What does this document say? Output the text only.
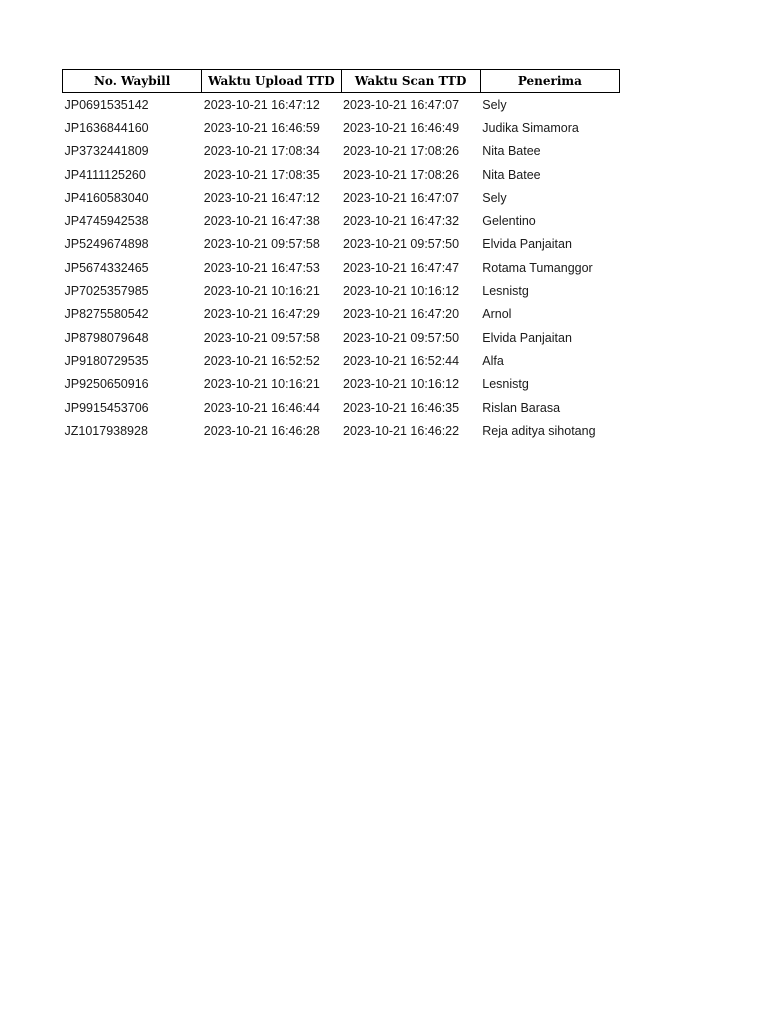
No. Waybill	Waktu Upload TTD	Waktu Scan TTD	Penerima
JP0691535142	2023-10-21 16:47:12	2023-10-21 16:47:07	Sely
JP1636844160	2023-10-21 16:46:59	2023-10-21 16:46:49	Judika Simamora
JP3732441809	2023-10-21 17:08:34	2023-10-21 17:08:26	Nita Batee
JP4111125260	2023-10-21 17:08:35	2023-10-21 17:08:26	Nita Batee
JP4160583040	2023-10-21 16:47:12	2023-10-21 16:47:07	Sely
JP4745942538	2023-10-21 16:47:38	2023-10-21 16:47:32	Gelentino
JP5249674898	2023-10-21 09:57:58	2023-10-21 09:57:50	Elvida Panjaitan
JP5674332465	2023-10-21 16:47:53	2023-10-21 16:47:47	Rotama Tumanggor
JP7025357985	2023-10-21 10:16:21	2023-10-21 10:16:12	Lesnistg
JP8275580542	2023-10-21 16:47:29	2023-10-21 16:47:20	Arnol
JP8798079648	2023-10-21 09:57:58	2023-10-21 09:57:50	Elvida Panjaitan
JP9180729535	2023-10-21 16:52:52	2023-10-21 16:52:44	Alfa
JP9250650916	2023-10-21 10:16:21	2023-10-21 10:16:12	Lesnistg
JP9915453706	2023-10-21 16:46:44	2023-10-21 16:46:35	Rislan Barasa
JZ1017938928	2023-10-21 16:46:28	2023-10-21 16:46:22	Reja aditya sihotang
